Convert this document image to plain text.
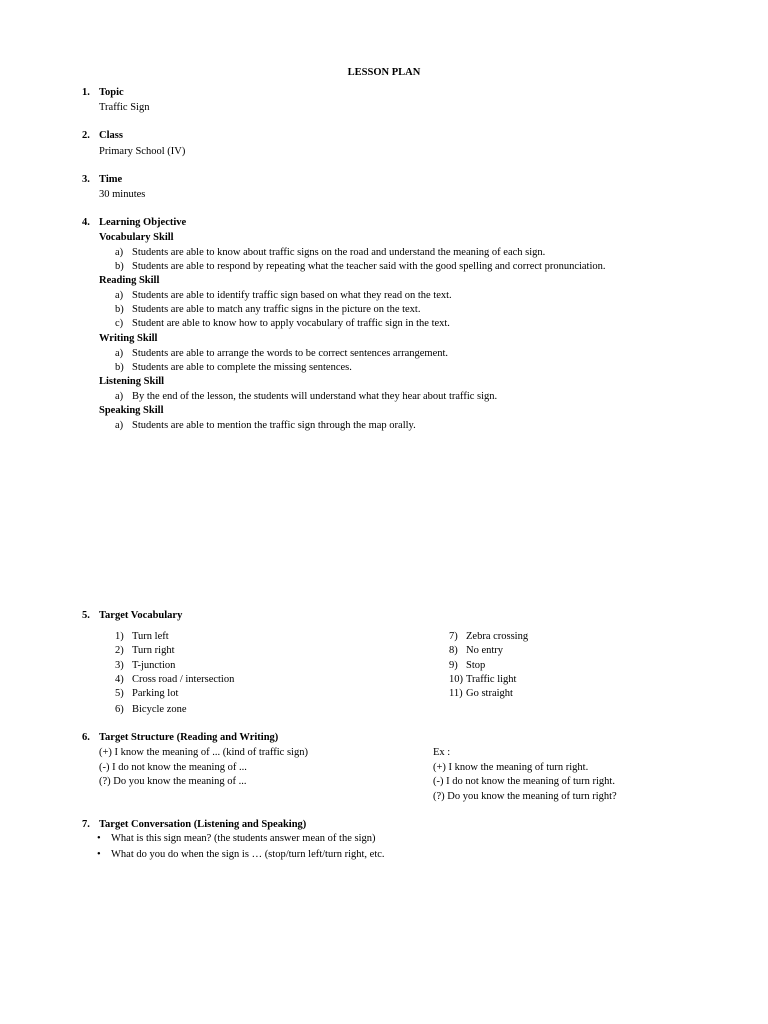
LESSON PLAN
1. Topic
Traffic Sign
2. Class
Primary School (IV)
3. Time
30 minutes
4. Learning Objective
Vocabulary Skill
a) Students are able to know about traffic signs on the road and understand the meaning of each sign.
b) Students are able to respond by repeating what the teacher said with the good spelling and correct pronunciation.
Reading Skill
a) Students are able to identify traffic sign based on what they read on the text.
b) Students are able to match any traffic signs in the picture on the text.
c) Student are able to know how to apply vocabulary of traffic sign in the text.
Writing Skill
a) Students are able to arrange the words to be correct sentences arrangement.
b) Students are able to complete the missing sentences.
Listening Skill
a) By the end of the lesson, the students will understand what they hear about traffic sign.
Speaking Skill
a) Students are able to mention the traffic sign through the map orally.
5. Target Vocabulary
1) Turn left
2) Turn right
3) T-junction
4) Cross road / intersection
5) Parking lot
6) Bicycle zone
7) Zebra crossing
8) No entry
9) Stop
10) Traffic light
11) Go straight
6. Target Structure (Reading and Writing)
(+) I know the meaning of ... (kind of traffic sign)
(-) I do not know the meaning of ...
(?) Do you know the meaning of ...
Ex :
(+) I know the meaning of turn right.
(-) I do not know the meaning of turn right.
(?) Do you know the meaning of turn right?
7. Target Conversation (Listening and Speaking)
• What is this sign mean? (the students answer mean of the sign)
• What do you do when the sign is … (stop/turn left/turn right, etc.
